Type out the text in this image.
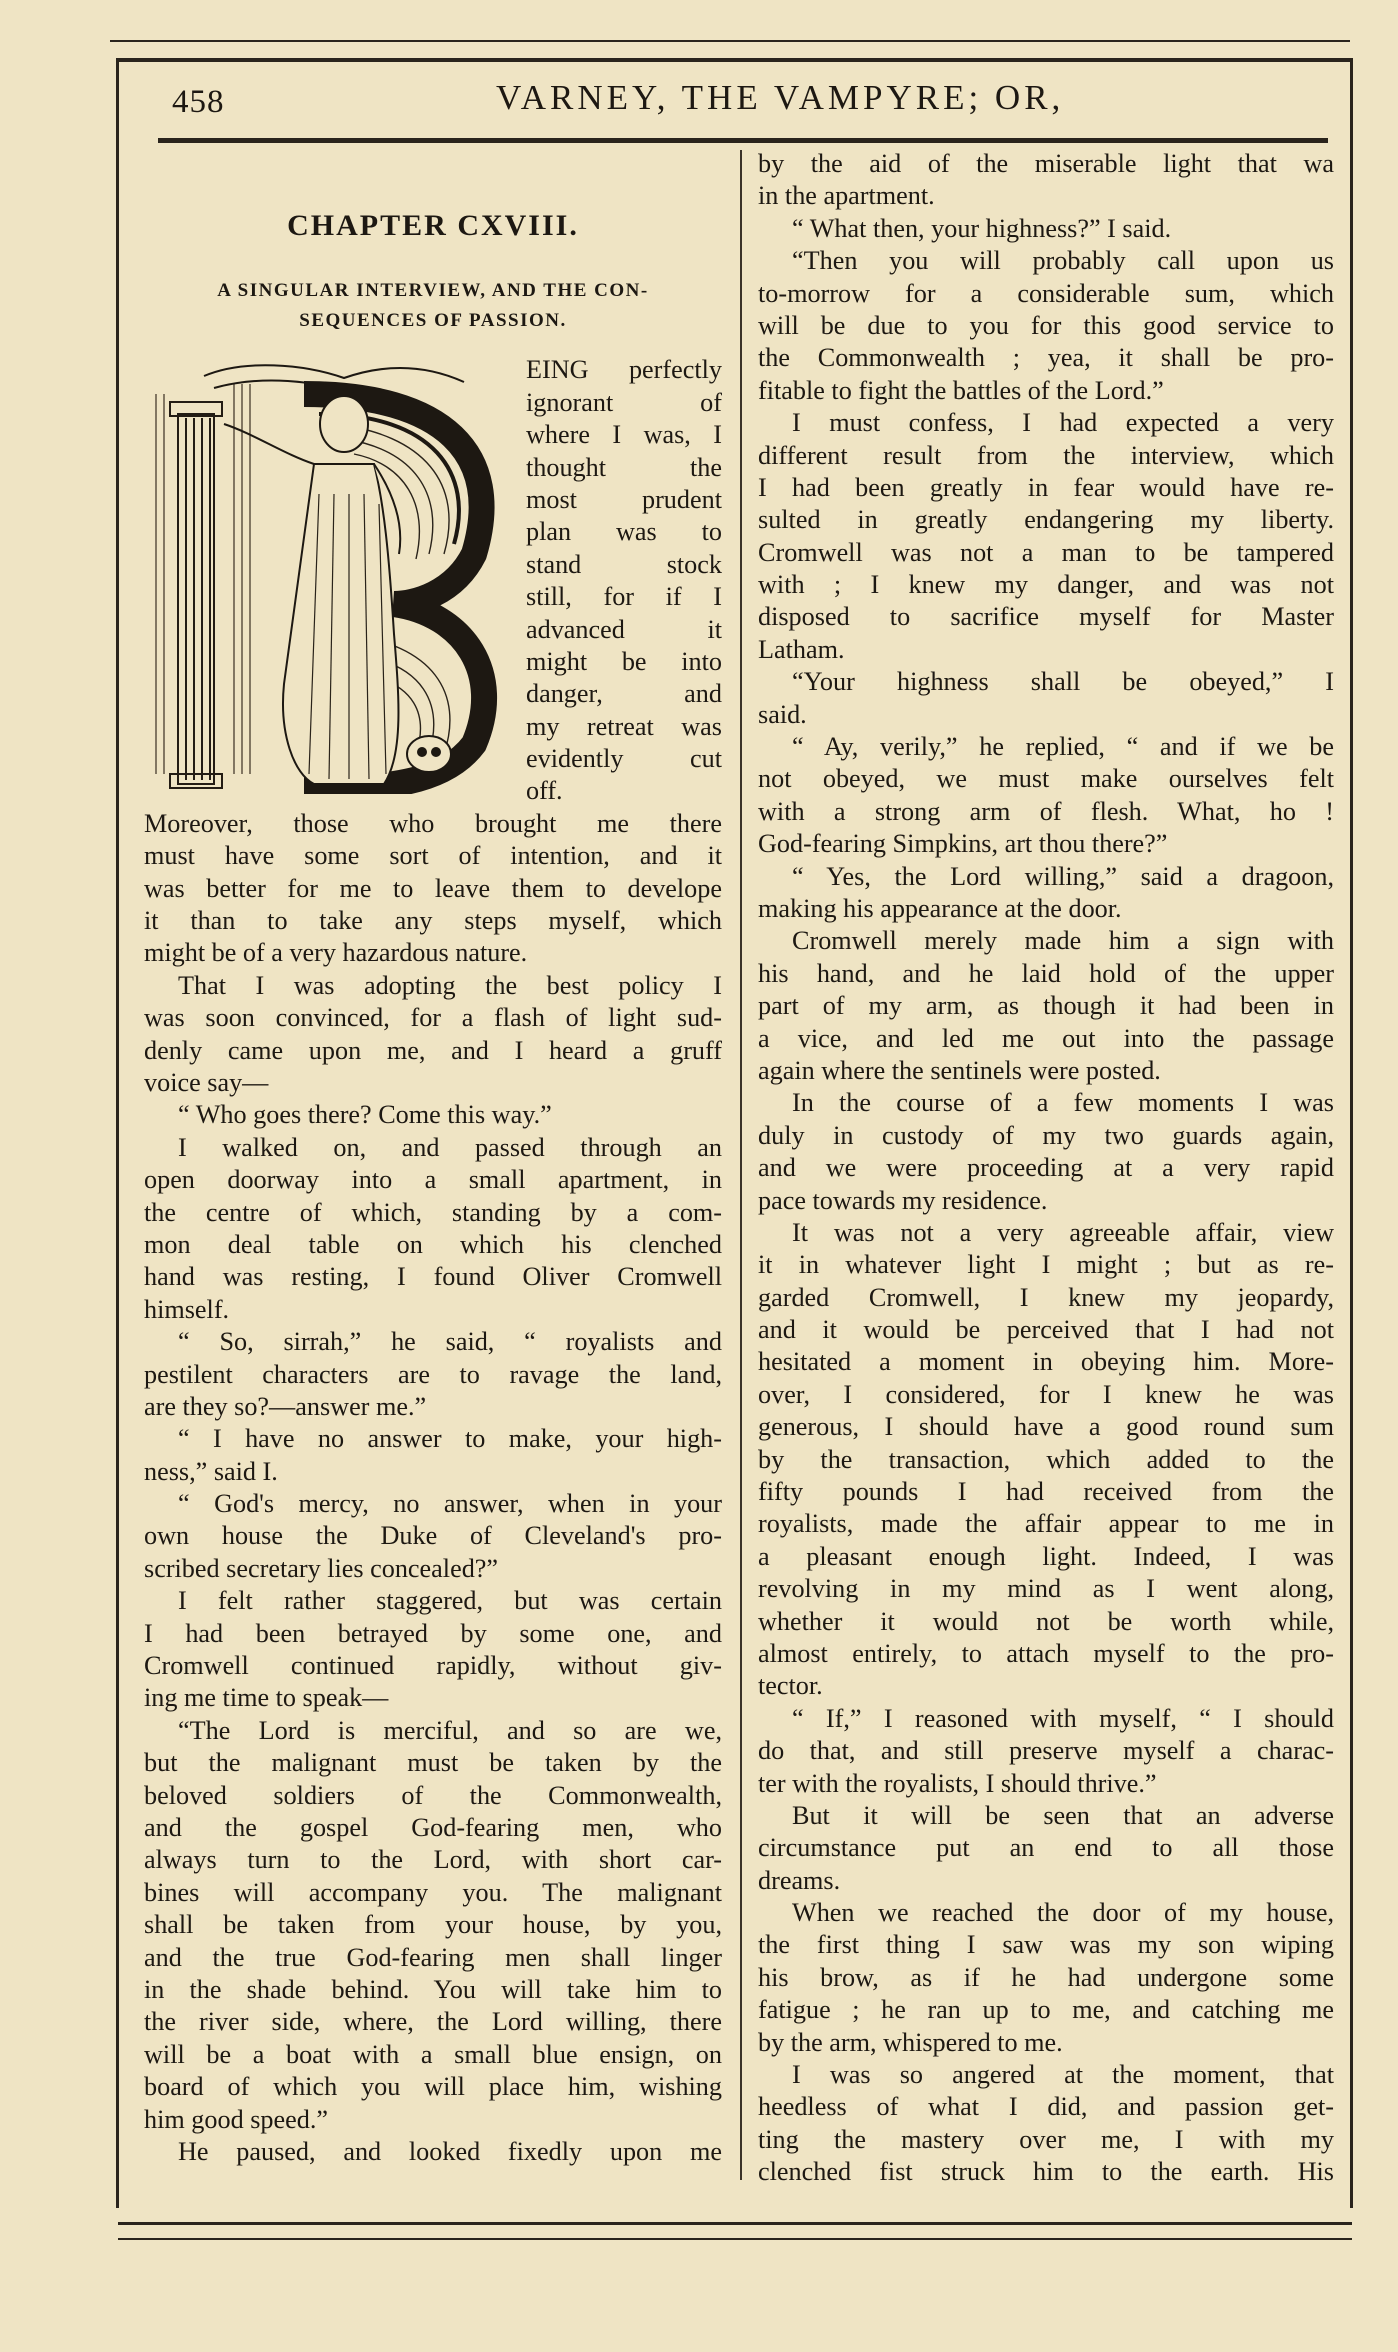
458	VARNEY, THE VAMPYRE; OR,
CHAPTER CXVIII.
A SINGULAR INTERVIEW, AND THE CON-
SEQUENCES OF PASSION.
EING perfectly
ignorant of
where I was, I
thought the
most prudent
plan was to
stand stock
still, for if I
advanced it
might be into
danger, and
my retreat was
evidently cut
off.
Moreover, those who brought me there
must have some sort of intention, and it
was better for me to leave them to develope
it than to take any steps myself, which
might be of a very hazardous nature.
That I was adopting the best policy I
was soon convinced, for a flash of light sud-
denly came upon me, and I heard a gruff
voice say—
“ Who goes there? Come this way.”
I walked on, and passed through an
open doorway into a small apartment, in
the centre of which, standing by a com-
mon deal table on which his clenched
hand was resting, I found Oliver Cromwell
himself.
“ So, sirrah,” he said, “ royalists and
pestilent characters are to ravage the land,
are they so?—answer me.”
“ I have no answer to make, your high-
ness,” said I.
“ God's mercy, no answer, when in your
own house the Duke of Cleveland's pro-
scribed secretary lies concealed?”
I felt rather staggered, but was certain
I had been betrayed by some one, and
Cromwell continued rapidly, without giv-
ing me time to speak—
“The Lord is merciful, and so are we,
but the malignant must be taken by the
beloved soldiers of the Commonwealth,
and the gospel God-fearing men, who
always turn to the Lord, with short car-
bines will accompany you. The malignant
shall be taken from your house, by you,
and the true God-fearing men shall linger
in the shade behind. You will take him to
the river side, where, the Lord willing, there
will be a boat with a small blue ensign, on
board of which you will place him, wishing
him good speed.”
He paused, and looked fixedly upon me
by the aid of the miserable light that wa
in the apartment.
“ What then, your highness?” I said.
“Then you will probably call upon us
to-morrow for a considerable sum, which
will be due to you for this good service to
the Commonwealth ; yea, it shall be pro-
fitable to fight the battles of the Lord.”
I must confess, I had expected a very
different result from the interview, which
I had been greatly in fear would have re-
sulted in greatly endangering my liberty.
Cromwell was not a man to be tampered
with ; I knew my danger, and was not
disposed to sacrifice myself for Master
Latham.
“Your highness shall be obeyed,” I
said.
“ Ay, verily,” he replied, “ and if we be
not obeyed, we must make ourselves felt
with a strong arm of flesh. What, ho !
God-fearing Simpkins, art thou there?”
“ Yes, the Lord willing,” said a dragoon,
making his appearance at the door.
Cromwell merely made him a sign with
his hand, and he laid hold of the upper
part of my arm, as though it had been in
a vice, and led me out into the passage
again where the sentinels were posted.
In the course of a few moments I was
duly in custody of my two guards again,
and we were proceeding at a very rapid
pace towards my residence.
It was not a very agreeable affair, view
it in whatever light I might ; but as re-
garded Cromwell, I knew my jeopardy,
and it would be perceived that I had not
hesitated a moment in obeying him. More-
over, I considered, for I knew he was
generous, I should have a good round sum
by the transaction, which added to the
fifty pounds I had received from the
royalists, made the affair appear to me in
a pleasant enough light. Indeed, I was
revolving in my mind as I went along,
whether it would not be worth while,
almost entirely, to attach myself to the pro-
tector.
“ If,” I reasoned with myself, “ I should
do that, and still preserve myself a charac-
ter with the royalists, I should thrive.”
But it will be seen that an adverse
circumstance put an end to all those
dreams.
When we reached the door of my house,
the first thing I saw was my son wiping
his brow, as if he had undergone some
fatigue ; he ran up to me, and catching me
by the arm, whispered to me.
I was so angered at the moment, that
heedless of what I did, and passion get-
ting the mastery over me, I with my
clenched fist struck him to the earth. His
